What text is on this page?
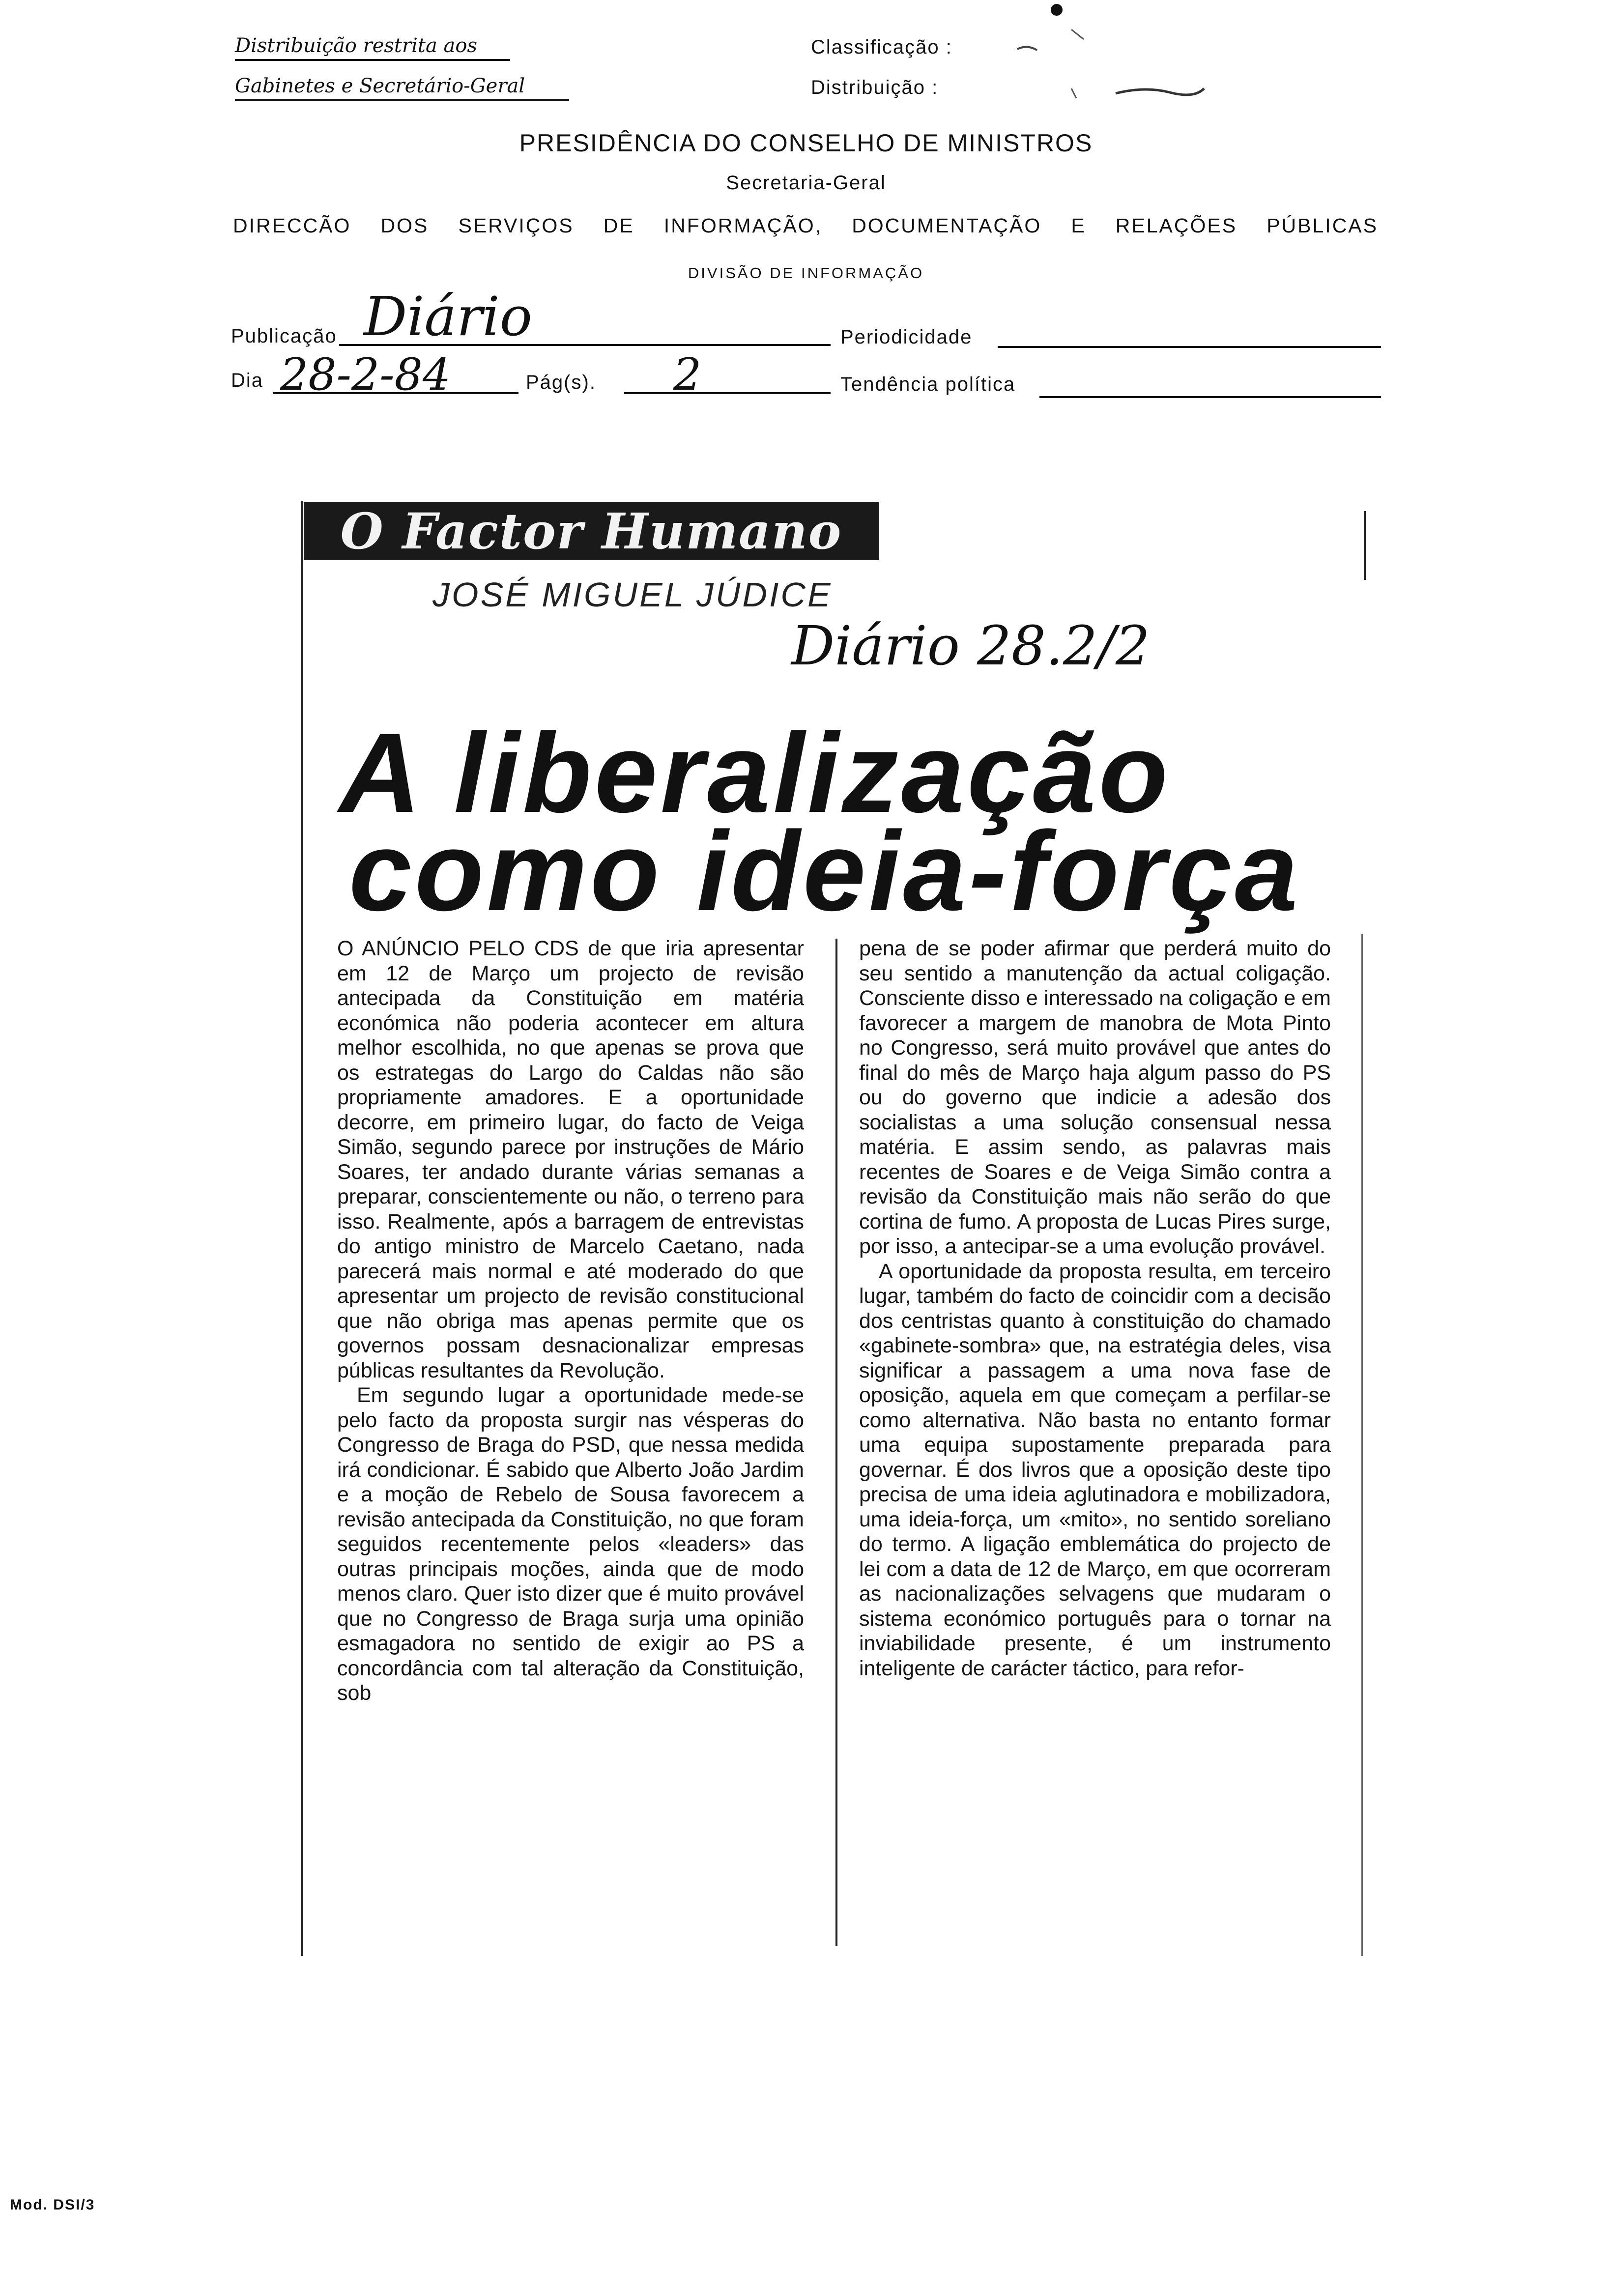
Distribuição restrita aos
Gabinetes e Secretário-Geral
Classificação :
Distribuição :
PRESIDÊNCIA DO CONSELHO DE MINISTROS
Secretaria-Geral
DIRECCÃO DOS SERVIÇOS DE INFORMAÇÃO, DOCUMENTAÇÃO E RELAÇÕES PÚBLICAS
DIVISÃO DE INFORMAÇÃO
Publicação Diário	Periodicidade
Dia 28-2-84	Pág(s). 2	Tendência política
O Factor Humano
JOSÉ MIGUEL JÚDICE
Diário 28.2/2
A liberalização
como ideia-força

O ANÚNCIO PELO CDS de que iria apresentar em 12 de Março um projecto de revisão antecipada da Constituição em matéria económica não poderia acontecer em altura melhor escolhida, no que apenas se prova que os estrategas do Largo do Caldas não são propriamente amadores. E a oportunidade decorre, em primeiro lugar, do facto de Veiga Simão, segundo parece por instruções de Mário Soares, ter andado durante várias semanas a preparar, conscientemente ou não, o terreno para isso. Realmente, após a barragem de entrevistas do antigo ministro de Marcelo Caetano, nada parecerá mais normal e até moderado do que apresentar um projecto de revisão constitucional que não obriga mas apenas permite que os governos possam desnacionalizar empresas públicas resultantes da Revolução.

Em segundo lugar a oportunidade mede-se pelo facto da proposta surgir nas vésperas do Congresso de Braga do PSD, que nessa medida irá condicionar. É sabido que Alberto João Jardim e a moção de Rebelo de Sousa favorecem a revisão antecipada da Constituição, no que foram seguidos recentemente pelos «leaders» das outras principais moções, ainda que de modo menos claro. Quer isto dizer que é muito provável que no Congresso de Braga surja uma opinião esmagadora no sentido de exigir ao PS a concordância com tal alteração da Constituição, sob

pena de se poder afirmar que perderá muito do seu sentido a manutenção da actual coligação. Consciente disso e interessado na coligação e em favorecer a margem de manobra de Mota Pinto no Congresso, será muito provável que antes do final do mês de Março haja algum passo do PS ou do governo que indicie a adesão dos socialistas a uma solução consensual nessa matéria. E assim sendo, as palavras mais recentes de Soares e de Veiga Simão contra a revisão da Constituição mais não serão do que cortina de fumo. A proposta de Lucas Pires surge, por isso, a antecipar-se a uma evolução provável.

A oportunidade da proposta resulta, em terceiro lugar, também do facto de coincidir com a decisão dos centristas quanto à constituição do chamado «gabinete-sombra» que, na estratégia deles, visa significar a passagem a uma nova fase de oposição, aquela em que começam a perfilar-se como alternativa. Não basta no entanto formar uma equipa supostamente preparada para governar. É dos livros que a oposição deste tipo precisa de uma ideia aglutinadora e mobilizadora, uma ideia-força, um «mito», no sentido soreliano do termo. A ligação emblemática do projecto de lei com a data de 12 de Março, em que ocorreram as nacionalizações selvagens que mudaram o sistema económico português para o tornar na inviabilidade presente, é um instrumento inteligente de carácter táctico, para refor-

Mod. DSI/3
